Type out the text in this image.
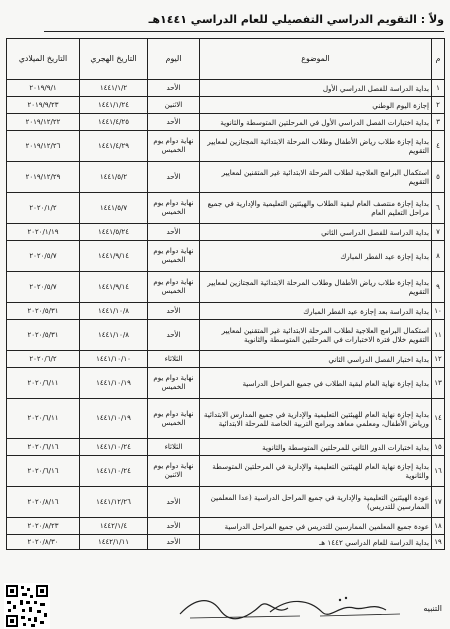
ولاً : التقويم الدراسي التفصيلي للعام الدراسي ١٤٤١هـ
م	الموضوع	اليوم	التاريخ الهجري	التاريخ الميلادي
١	بداية الدراسة للفصل الدراسي الأول	الأحد	١٤٤١/١/٢	٢٠١٩/٩/١
٢	إجازة اليوم الوطني	الاثنين	١٤٤١/١/٢٤	٢٠١٩/٩/٢٣
٣	بداية اختبارات الفصل الدراسي الأول في المرحلتين المتوسطة والثانوية	الأحد	١٤٤١/٤/٢٥	٢٠١٩/١٢/٢٢
٤	بداية إجازة طلاب رياض الأطفال وطلاب المرحلة الابتدائية المجتازين لمعايير التقويم	نهاية دوام يوم الخميس	١٤٤١/٤/٢٩	٢٠١٩/١٢/٢٦
٥	استكمال البرامج العلاجية لطلاب المرحلة الابتدائية غير المتقنين لمعايير التقويم	الأحد	١٤٤١/٥/٢	٢٠١٩/١٢/٢٩
٦	بداية إجازة منتصف العام لبقية الطلاب والهيئتين التعليمية والإدارية في جميع مراحل التعليم العام	نهاية دوام يوم الخميس	١٤٤١/٥/٧	٢٠٢٠/١/٢
٧	بداية الدراسة للفصل الدراسي الثاني	الأحد	١٤٤١/٥/٢٤	٢٠٢٠/١/١٩
٨	بداية إجازة عيد الفطر المبارك	نهاية دوام يوم الخميس	١٤٤١/٩/١٤	٢٠٢٠/٥/٧
٩	بداية إجازة طلاب رياض الأطفال وطلاب المرحلة الابتدائية المجتازين لمعايير التقويم	نهاية دوام يوم الخميس	١٤٤١/٩/١٤	٢٠٢٠/٥/٧
١٠	بداية الدراسة بعد إجازة عيد الفطر المبارك	الأحد	١٤٤١/١٠/٨	٢٠٢٠/٥/٣١
١١	استكمال البرامج العلاجية لطلاب المرحلة الابتدائية غير المتقنين لمعايير التقويم خلال فترة الاختبارات في المرحلتين المتوسطة والثانوية	الأحد	١٤٤١/١٠/٨	٢٠٢٠/٥/٣١
١٢	بداية اختبار الفصل الدراسي الثاني	الثلاثاء	١٤٤١/١٠/١٠	٢٠٢٠/٦/٢
١٣	بداية إجازة نهاية العام لبقية الطلاب في جميع المراحل الدراسية	نهاية دوام يوم الخميس	١٤٤١/١٠/١٩	٢٠٢٠/٦/١١
١٤	بداية إجازة نهاية العام للهيئتين التعليمية والإدارية في جميع المدارس الابتدائية ورياض الأطفال، ومعلمي معاهد وبرامج التربية الخاصة للمرحلة الابتدائية	نهاية دوام يوم الخميس	١٤٤١/١٠/١٩	٢٠٢٠/٦/١١
١٥	بداية اختبارات الدور الثاني للمرحلتين المتوسطة والثانوية	الثلاثاء	١٤٤١/١٠/٢٤	٢٠٢٠/٦/١٦
١٦	بداية إجازة نهاية العام للهيئتين التعليمية والإدارية في المرحلتين المتوسطة والثانوية	نهاية دوام يوم الاثنين	١٤٤١/١٠/٢٤	٢٠٢٠/٦/١٦
١٧	عودة الهيئتين التعليمية والإدارية في جميع المراحل الدراسية (عدا المعلمين الممارسين للتدريس)	الأحد	١٤٤١/١٢/٢٦	٢٠٢٠/٨/١٦
١٨	عودة جميع المعلمين الممارسين للتدريس في جميع المراحل الدراسية	الأحد	١٤٤٢/١/٤	٢٠٢٠/٨/٢٣
١٩	بداية الدراسة للعام الدراسي ١٤٤٢ هـ	الأحد	١٤٤٢/١/١١	٢٠٢٠/٨/٣٠
التنبيه
